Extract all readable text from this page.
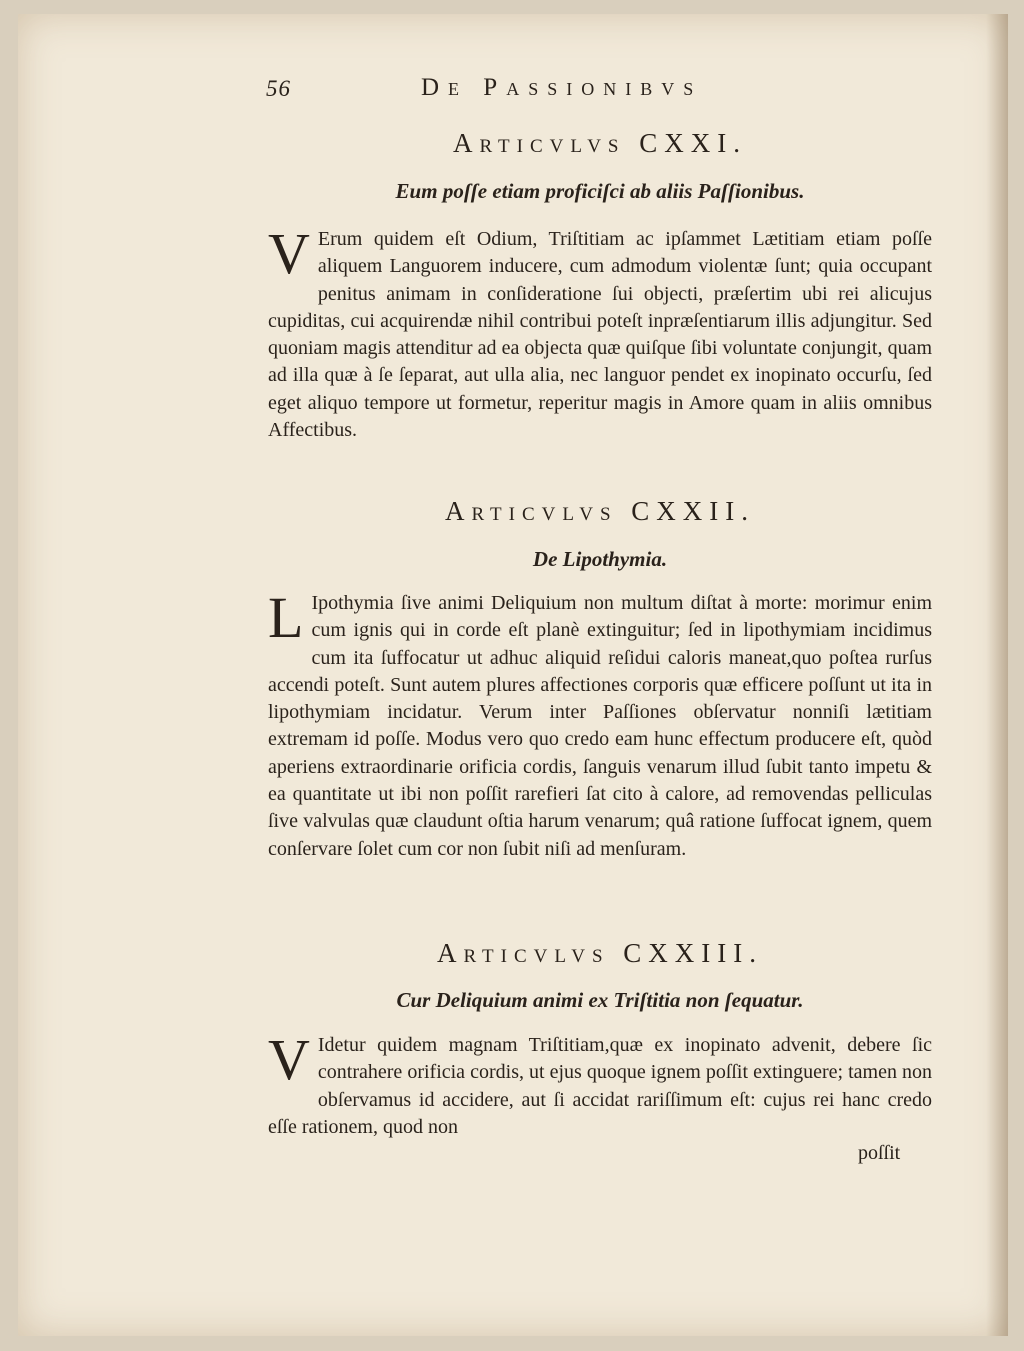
56	De Passionibvs

Articvlvs CXXI.

Eum poſſe etiam proficiſci ab aliis Paſſionibus.

V Erum quidem eſt Odium, Triſtitiam ac ipſammet Lætitiam etiam poſſe aliquem Languorem inducere, cum admodum violentæ ſunt; quia occupant penitus animam in conſideratione ſui objecti, præſertim ubi rei alicujus cupiditas, cui acquirendæ nihil contribui poteſt inpræſentiarum illis adjungitur. Sed quoniam magis attenditur ad ea objecta quæ quiſque ſibi voluntate conjungit, quam ad illa quæ à ſe ſeparat, aut ulla alia, nec languor pendet ex inopinato occurſu, ſed eget aliquo tempore ut formetur, reperitur magis in Amore quam in aliis omnibus Affectibus.

Articvlvs CXXII.

De Lipothymia.

L Ipothymia ſive animi Deliquium non multum diſtat à morte: morimur enim cum ignis qui in corde eſt planè extinguitur; ſed in lipothymiam incidimus cum ita ſuffocatur ut adhuc aliquid reſidui caloris maneat,quo poſtea rurſus accendi poteſt. Sunt autem plures affectiones corporis quæ efficere poſſunt ut ita in lipothymiam incidatur. Verum inter Paſſiones obſervatur nonniſi lætitiam extremam id poſſe. Modus vero quo credo eam hunc effectum producere eſt, quòd aperiens extraordinarie orificia cordis, ſanguis venarum illud ſubit tanto impetu & ea quantitate ut ibi non poſſit rarefieri ſat cito à calore, ad removendas pelliculas ſive valvulas quæ claudunt oſtia harum venarum; quâ ratione ſuffocat ignem, quem conſervare ſolet cum cor non ſubit niſi ad menſuram.

Articvlvs CXXIII.

Cur Deliquium animi ex Triſtitia non ſequatur.

V Idetur quidem magnam Triſtitiam,quæ ex inopinato advenit, debere ſic contrahere orificia cordis, ut ejus quoque ignem poſſit extinguere; tamen non obſervamus id accidere, aut ſi accidat rariſſimum eſt: cujus rei hanc credo eſſe rationem, quod non

poſſit
